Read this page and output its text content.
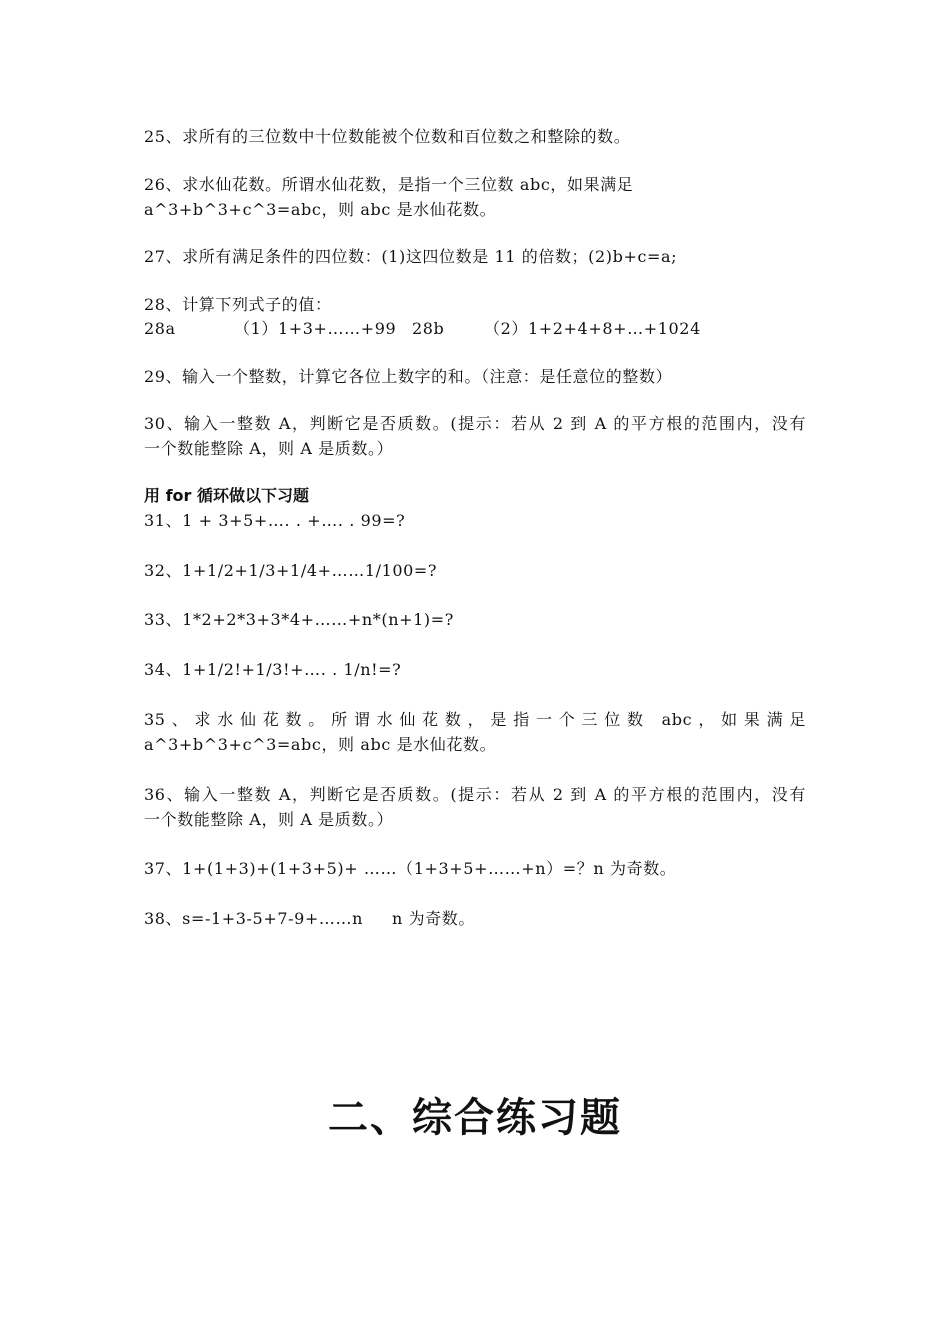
25、求所有的三位数中十位数能被个位数和百位数之和整除的数。
26、求水仙花数。所谓水仙花数，是指一个三位数 abc，如果满足
a^3+b^3+c^3=abc，则 abc 是水仙花数。
27、求所有满足条件的四位数：(1)这四位数是 11 的倍数；(2)b+c=a;
28、计算下列式子的值：
28a	（1）1+3+……+99 28b （2）1+2+4+8+…+1024
29、输入一个整数，计算它各位上数字的和。（注意：是任意位的整数）
30、输入一整数 A，判断它是否质数。(提示：若从 2 到 A 的平方根的范围内，没有
一个数能整除 A，则 A 是质数。）
用 for 循环做以下习题
31、1 + 3+5+…. . +…. . 99=?
32、1+1/2+1/3+1/4+……1/100=?
33、1*2+2*3+3*4+……+n*(n+1)=?
34、1+1/2!+1/3!+…. . 1/n!=?
35、求水仙花数。所谓水仙花数，是指一个三位数 abc，如果满足
a^3+b^3+c^3=abc，则 abc 是水仙花数。
36、输入一整数 A，判断它是否质数。(提示：若从 2 到 A 的平方根的范围内，没有
一个数能整除 A，则 A 是质数。）
37、1+(1+3)+(1+3+5)+ ……（1+3+5+……+n）=？n 为奇数。
38、s=-1+3-5+7-9+……n n 为奇数。
二、综合练习题
